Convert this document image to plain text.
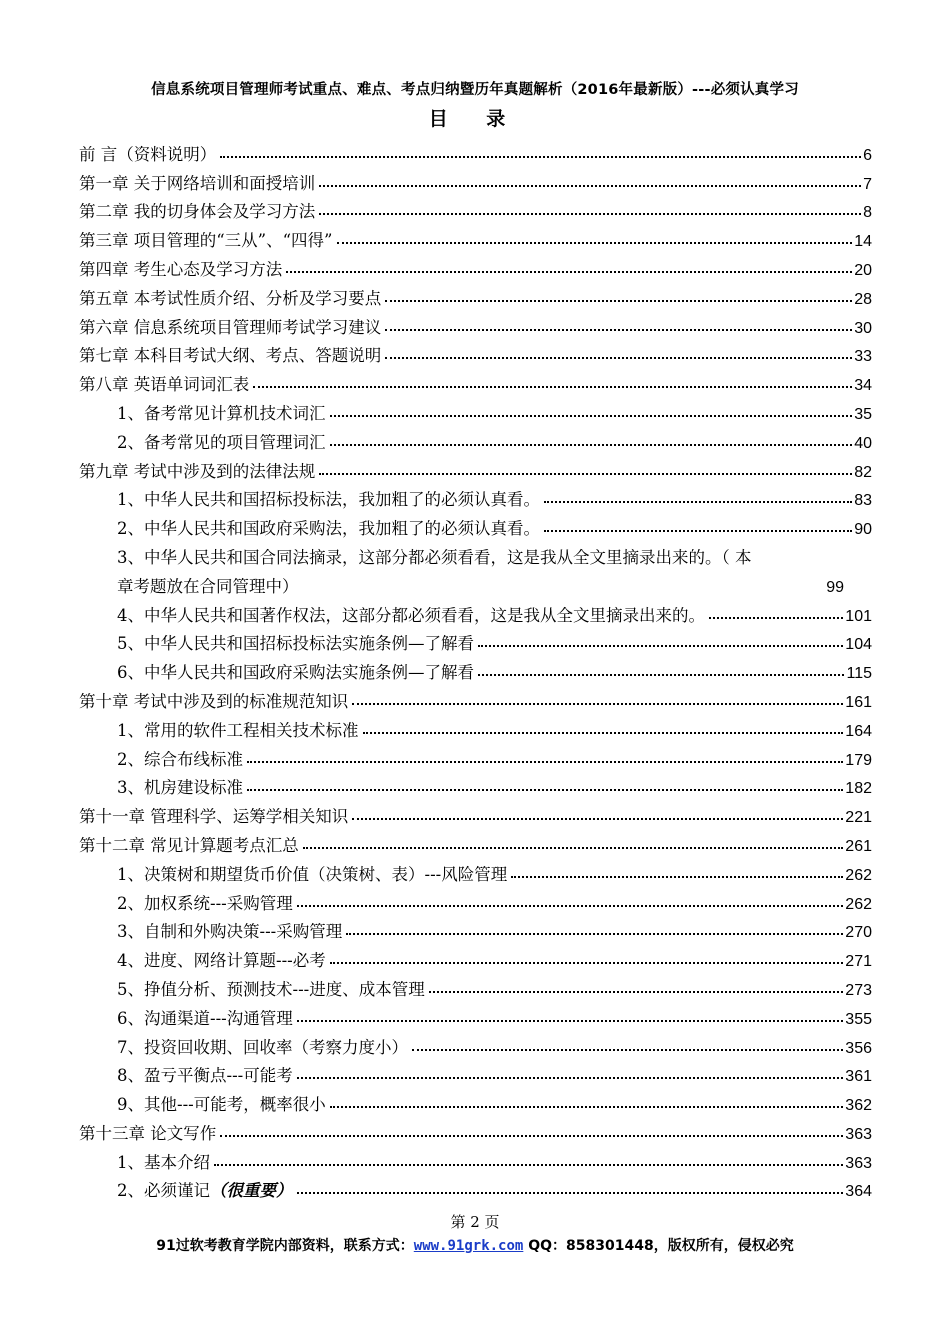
信息系统项目管理师考试重点、难点、考点归纳暨历年真题解析（2016年最新版）---必须认真学习
目 录
前 言（资料说明）	6
第一章 关于网络培训和面授培训	7
第二章 我的切身体会及学习方法	8
第三章 项目管理的“三从”、“四得”	14
第四章 考生心态及学习方法	20
第五章 本考试性质介绍、分析及学习要点	28
第六章 信息系统项目管理师考试学习建议	30
第七章 本科目考试大纲、考点、答题说明	33
第八章 英语单词词汇表	34
1、备考常见计算机技术词汇	35
2、备考常见的项目管理词汇	40
第九章 考试中涉及到的法律法规	82
1、中华人民共和国招标投标法，我加粗了的必须认真看。	83
2、中华人民共和国政府采购法，我加粗了的必须认真看。	90
3、中华人民共和国合同法摘录，这部分都必须看看，这是我从全文里摘录出来的。（ 本
章考题放在合同管理中）	99
4、中华人民共和国著作权法，这部分都必须看看，这是我从全文里摘录出来的。	101
5、中华人民共和国招标投标法实施条例—了解看	104
6、中华人民共和国政府采购法实施条例—了解看	115
第十章 考试中涉及到的标准规范知识	161
1、常用的软件工程相关技术标准	164
2、综合布线标准	179
3、机房建设标准	182
第十一章 管理科学、运筹学相关知识	221
第十二章 常见计算题考点汇总	261
1、决策树和期望货币价值（决策树、表）---风险管理	262
2、加权系统---采购管理	262
3、自制和外购决策---采购管理	270
4、进度、网络计算题---必考	271
5、挣值分析、预测技术---进度、成本管理	273
6、沟通渠道---沟通管理	355
7、投资回收期、回收率（考察力度小）	356
8、盈亏平衡点---可能考	361
9、其他---可能考，概率很小	362
第十三章 论文写作	363
1、基本介绍	363
2、必须谨记（很重要）	364
第 2 页
91过软考教育学院内部资料，联系方式：www.91grk.com QQ：858301448，版权所有，侵权必究
